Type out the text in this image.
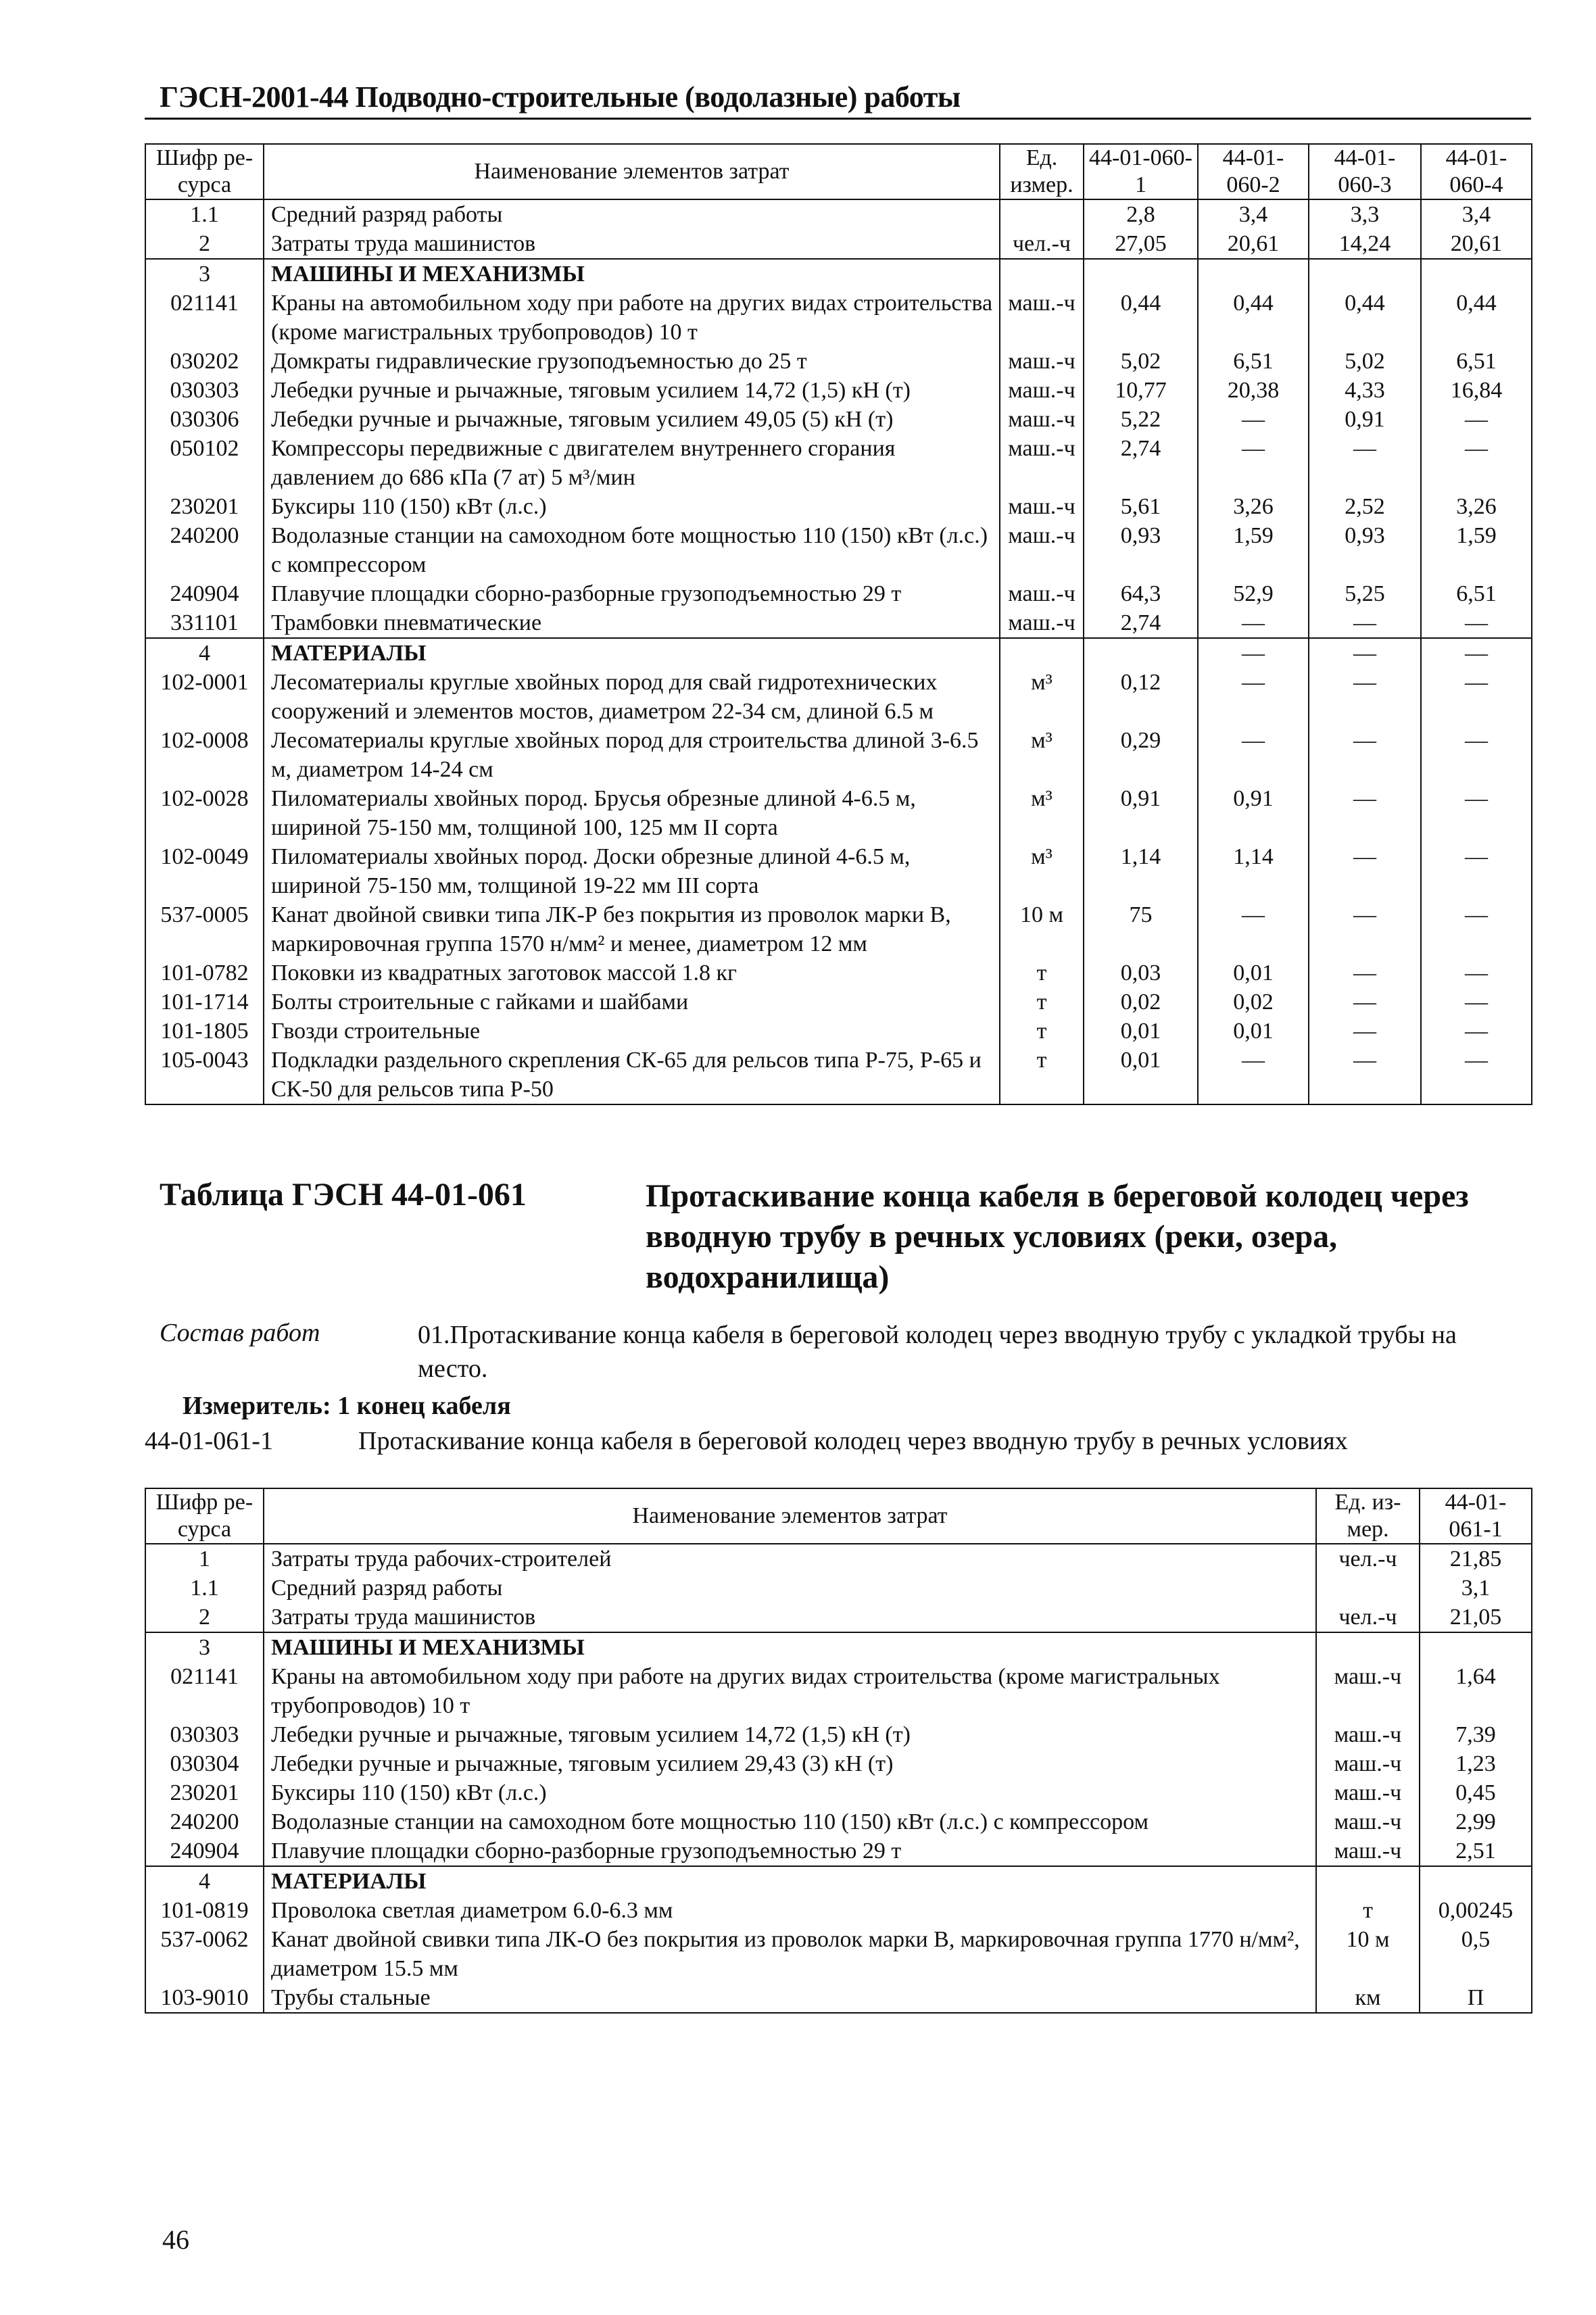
ГЭСН-2001-44 Подводно-строительные (водолазные) работы
Шифр ре-сурса	Наименование элементов затрат	Ед. измер.	44-01-060-1	44-01-060-2	44-01-060-3	44-01-060-4
1.1	Средний разряд работы		2,8	3,4	3,3	3,4
2	Затраты труда машинистов	чел.-ч	27,05	20,61	14,24	20,61
3	МАШИНЫ И МЕХАНИЗМЫ					
021141	Краны на автомобильном ходу при работе на других видах строительства (кроме магистральных трубопроводов) 10 т	маш.-ч	0,44	0,44	0,44	0,44
030202	Домкраты гидравлические грузоподъемностью до 25 т	маш.-ч	5,02	6,51	5,02	6,51
030303	Лебедки ручные и рычажные, тяговым усилием 14,72 (1,5) кН (т)	маш.-ч	10,77	20,38	4,33	16,84
030306	Лебедки ручные и рычажные, тяговым усилием 49,05 (5) кН (т)	маш.-ч	5,22	—	0,91	—
050102	Компрессоры передвижные с двигателем внутреннего сгорания давлением до 686 кПа (7 ат) 5 м³/мин	маш.-ч	2,74	—	—	—
230201	Буксиры 110 (150) кВт (л.с.)	маш.-ч	5,61	3,26	2,52	3,26
240200	Водолазные станции на самоходном боте мощностью 110 (150) кВт (л.с.) с компрессором	маш.-ч	0,93	1,59	0,93	1,59
240904	Плавучие площадки сборно-разборные грузоподъемностью 29 т	маш.-ч	64,3	52,9	5,25	6,51
331101	Трамбовки пневматические	маш.-ч	2,74	—	—	—
4	МАТЕРИАЛЫ			—	—	—
102-0001	Лесоматериалы круглые хвойных пород для свай гидротехнических сооружений и элементов мостов, диаметром 22-34 см, длиной 6.5 м	м³	0,12	—	—	—
102-0008	Лесоматериалы круглые хвойных пород для строительства длиной 3-6.5 м, диаметром 14-24 см	м³	0,29	—	—	—
102-0028	Пиломатериалы хвойных пород. Брусья обрезные длиной 4-6.5 м, шириной 75-150 мм, толщиной 100, 125 мм II сорта	м³	0,91	0,91	—	—
102-0049	Пиломатериалы хвойных пород. Доски обрезные длиной 4-6.5 м, шириной 75-150 мм, толщиной 19-22 мм III сорта	м³	1,14	1,14	—	—
537-0005	Канат двойной свивки типа ЛК-Р без покрытия из проволок марки В, маркировочная группа 1570 н/мм² и менее, диаметром 12 мм	10 м	75	—	—	—
101-0782	Поковки из квадратных заготовок массой 1.8 кг	т	0,03	0,01	—	—
101-1714	Болты строительные с гайками и шайбами	т	0,02	0,02	—	—
101-1805	Гвозди строительные	т	0,01	0,01	—	—
105-0043	Подкладки раздельного скрепления СК-65 для рельсов типа Р-75, Р-65 и СК-50 для рельсов типа Р-50	т	0,01	—	—	—
Таблица ГЭСН 44-01-061	Протаскивание конца кабеля в береговой колодец через вводную трубу в речных условиях (реки, озера, водохранилища)
Состав работ	01.Протаскивание конца кабеля в береговой колодец через вводную трубу с укладкой трубы на место.
Измеритель: 1 конец кабеля
44-01-061-1	Протаскивание конца кабеля в береговой колодец через вводную трубу в речных условиях
Шифр ре-сурса	Наименование элементов затрат	Ед. из-мер.	44-01-061-1
1	Затраты труда рабочих-строителей	чел.-ч	21,85
1.1	Средний разряд работы		3,1
2	Затраты труда машинистов	чел.-ч	21,05
3	МАШИНЫ И МЕХАНИЗМЫ		
021141	Краны на автомобильном ходу при работе на других видах строительства (кроме магистральных трубопроводов) 10 т	маш.-ч	1,64
030303	Лебедки ручные и рычажные, тяговым усилием 14,72 (1,5) кН (т)	маш.-ч	7,39
030304	Лебедки ручные и рычажные, тяговым усилием 29,43 (3) кН (т)	маш.-ч	1,23
230201	Буксиры 110 (150) кВт (л.с.)	маш.-ч	0,45
240200	Водолазные станции на самоходном боте мощностью 110 (150) кВт (л.с.) с компрессором	маш.-ч	2,99
240904	Плавучие площадки сборно-разборные грузоподъемностью 29 т	маш.-ч	2,51
4	МАТЕРИАЛЫ		
101-0819	Проволока светлая диаметром 6.0-6.3 мм	т	0,00245
537-0062	Канат двойной свивки типа ЛК-О без покрытия из проволок марки В, маркировочная группа 1770 н/мм², диаметром 15.5 мм	10 м	0,5
103-9010	Трубы стальные	км	П
46
